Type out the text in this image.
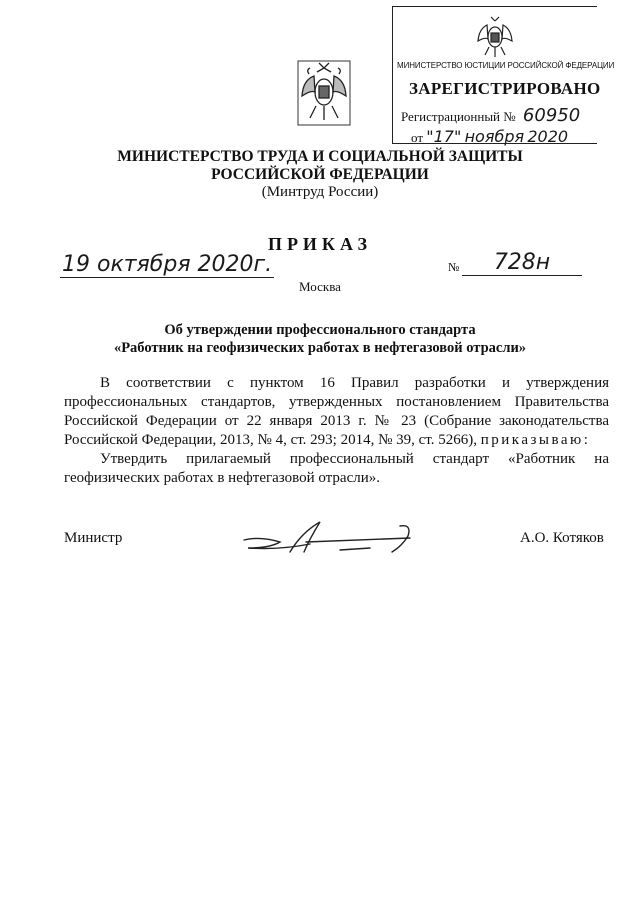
МИНИСТЕРСТВО ЮСТИЦИИ РОССИЙСКОЙ ФЕДЕРАЦИИ
ЗАРЕГИСТРИРОВАНО
Регистрационный № 60950
от "17" ноября 2020
МИНИСТЕРСТВО ТРУДА И СОЦИАЛЬНОЙ ЗАЩИТЫ
РОССИЙСКОЙ ФЕДЕРАЦИИ
(Минтруд России)
ПРИКАЗ
19 октября 2020г.	№	728н
Москва
Об утверждении профессионального стандарта
«Работник на геофизических работах в нефтегазовой отрасли»

В соответствии с пунктом 16 Правил разработки и утверждения профессиональных стандартов, утвержденных постановлением Правительства Российской Федерации от 22 января 2013 г. № 23 (Собрание законодательства Российской Федерации, 2013, № 4, ст. 293; 2014, № 39, ст. 5266), приказываю:

Утвердить прилагаемый профессиональный стандарт «Работник на геофизических работах в нефтегазовой отрасли».

Министр	А.О. Котяков
